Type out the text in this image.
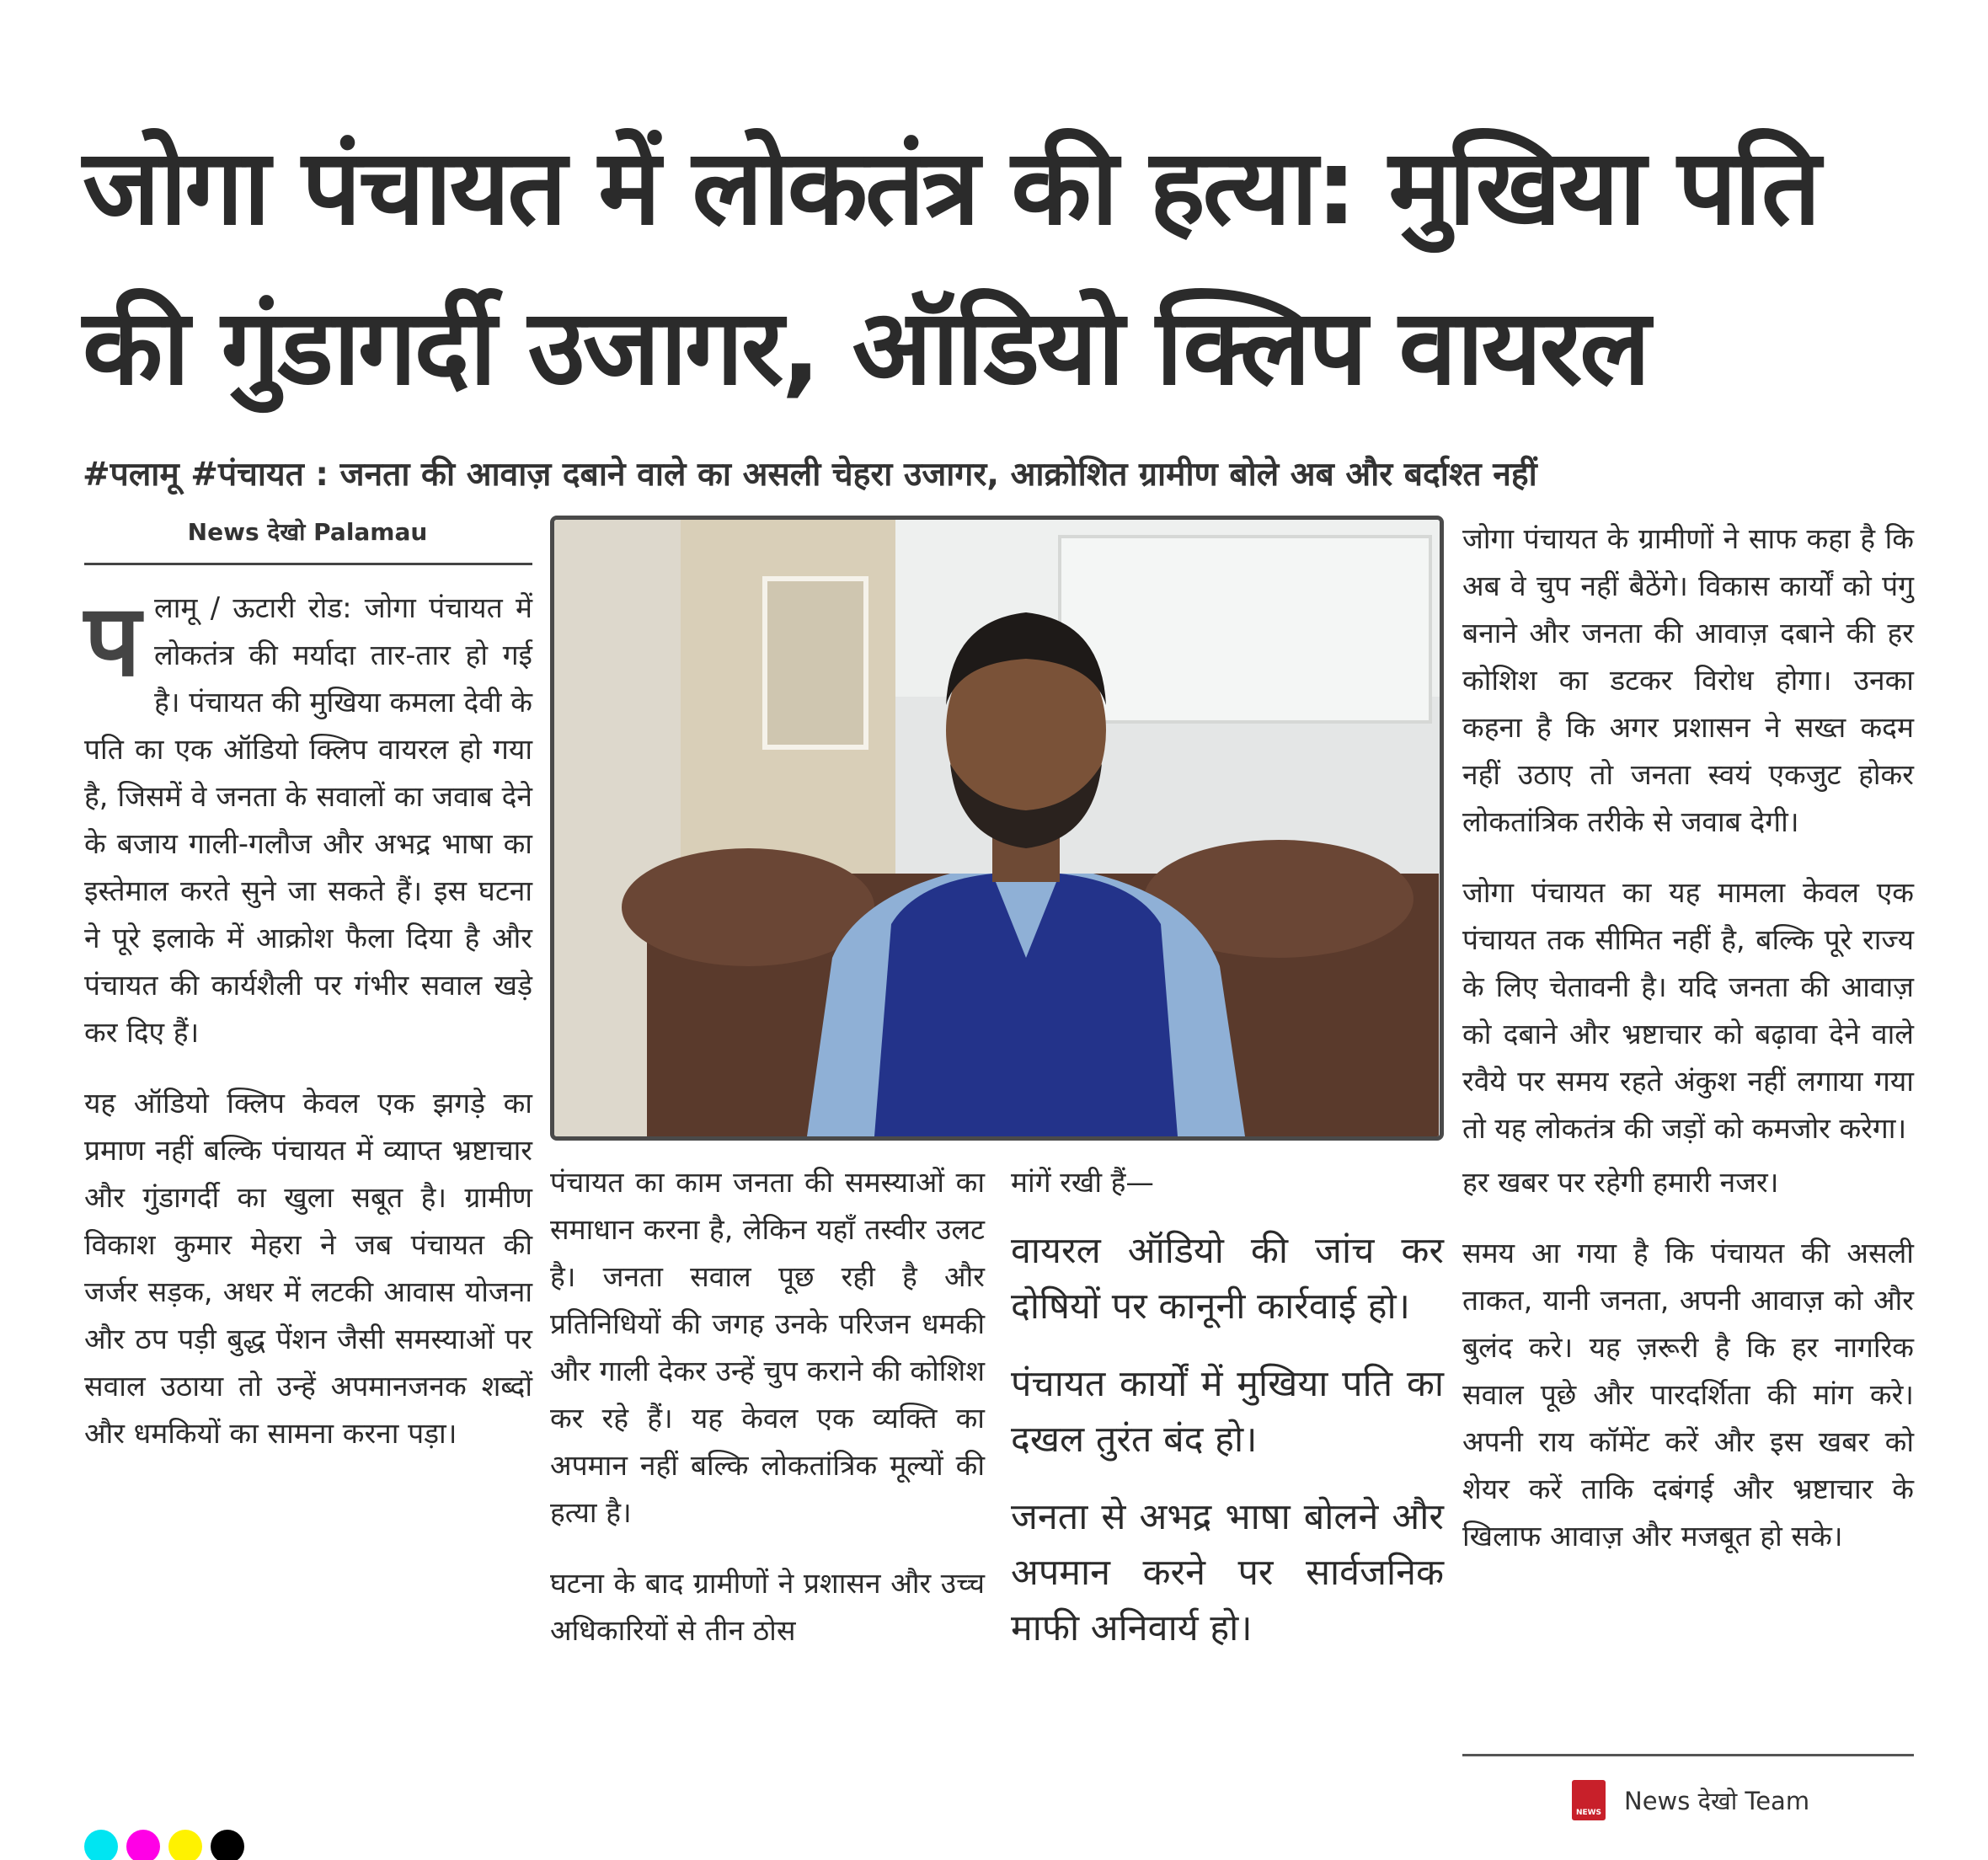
जोगा पंचायत में लोकतंत्र की हत्या: मुखिया पति की गुंडागर्दी उजागर, ऑडियो क्लिप वायरल
#पलामू #पंचायत : जनता की आवाज़ दबाने वाले का असली चेहरा उजागर, आक्रोशित ग्रामीण बोले अब और बर्दाश्त नहीं
News देखो Palamau

पलामू / ऊटारी रोड: जोगा पंचायत में लोकतंत्र की मर्यादा तार-तार हो गई है। पंचायत की मुखिया कमला देवी के पति का एक ऑडियो क्लिप वायरल हो गया है, जिसमें वे जनता के सवालों का जवाब देने के बजाय गाली-गलौज और अभद्र भाषा का इस्तेमाल करते सुने जा सकते हैं। इस घटना ने पूरे इलाके में आक्रोश फैला दिया है और पंचायत की कार्यशैली पर गंभीर सवाल खड़े कर दिए हैं।

यह ऑडियो क्लिप केवल एक झगड़े का प्रमाण नहीं बल्कि पंचायत में व्याप्त भ्रष्टाचार और गुंडागर्दी का खुला सबूत है। ग्रामीण विकाश कुमार मेहरा ने जब पंचायत की जर्जर सड़क, अधर में लटकी आवास योजना और ठप पड़ी बुद्ध पेंशन जैसी समस्याओं पर सवाल उठाया तो उन्हें अपमानजनक शब्दों और धमकियों का सामना करना पड़ा।

पंचायत का काम जनता की समस्याओं का समाधान करना है, लेकिन यहाँ तस्वीर उलट है। जनता सवाल पूछ रही है और प्रतिनिधियों की जगह उनके परिजन धमकी और गाली देकर उन्हें चुप कराने की कोशिश कर रहे हैं। यह केवल एक व्यक्ति का अपमान नहीं बल्कि लोकतांत्रिक मूल्यों की हत्या है।

घटना के बाद ग्रामीणों ने प्रशासन और उच्च अधिकारियों से तीन ठोस

मांगें रखी हैं—

वायरल ऑडियो की जांच कर दोषियों पर कानूनी कार्रवाई हो।

पंचायत कार्यों में मुखिया पति का दखल तुरंत बंद हो।

जनता से अभद्र भाषा बोलने और अपमान करने पर सार्वजनिक माफी अनिवार्य हो।

जोगा पंचायत के ग्रामीणों ने साफ कहा है कि अब वे चुप नहीं बैठेंगे। विकास कार्यों को पंगु बनाने और जनता की आवाज़ दबाने की हर कोशिश का डटकर विरोध होगा। उनका कहना है कि अगर प्रशासन ने सख्त कदम नहीं उठाए तो जनता स्वयं एकजुट होकर लोकतांत्रिक तरीके से जवाब देगी।

जोगा पंचायत का यह मामला केवल एक पंचायत तक सीमित नहीं है, बल्कि पूरे राज्य के लिए चेतावनी है। यदि जनता की आवाज़ को दबाने और भ्रष्टाचार को बढ़ावा देने वाले रवैये पर समय रहते अंकुश नहीं लगाया गया तो यह लोकतंत्र की जड़ों को कमजोर करेगा।

हर खबर पर रहेगी हमारी नजर।

समय आ गया है कि पंचायत की असली ताकत, यानी जनता, अपनी आवाज़ को और बुलंद करे। यह ज़रूरी है कि हर नागरिक सवाल पूछे और पारदर्शिता की मांग करे। अपनी राय कॉमेंट करें और इस खबर को शेयर करें ताकि दबंगई और भ्रष्टाचार के खिलाफ आवाज़ और मजबूत हो सके।

NEWS News देखो Team
